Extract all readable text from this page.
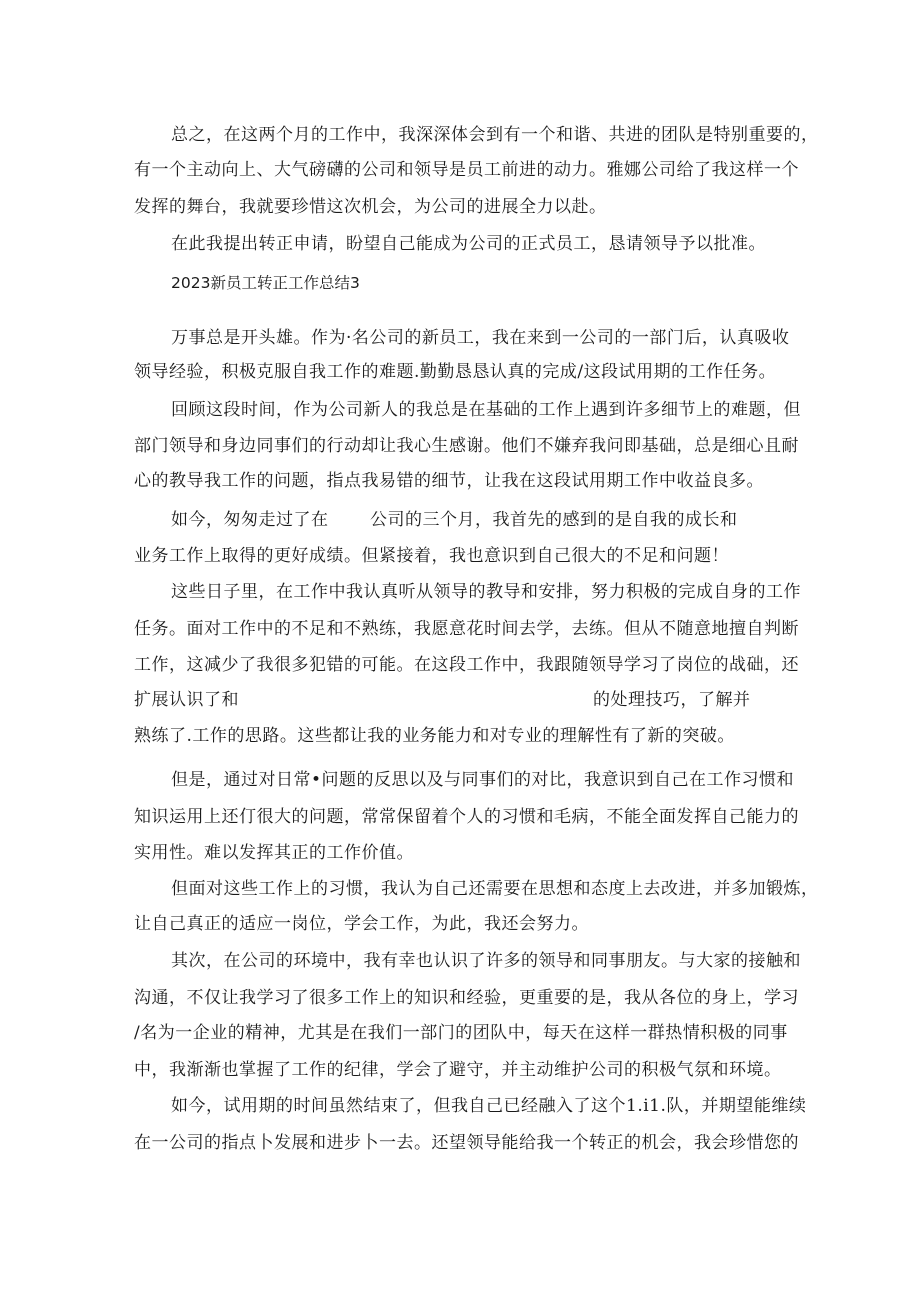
总之，在这两个月的工作中，我深深体会到有一个和谐、共进的团队是特别重要的，
有一个主动向上、大气磅礴的公司和领导是员工前进的动力。雅娜公司给了我这样一个
发挥的舞台，我就要珍惜这次机会，为公司的进展全力以赴。
在此我提出转正申请，盼望自己能成为公司的正式员工，恳请领导予以批准。
2023新员工转正工作总结3
万事总是开头雄。作为·名公司的新员工，我在来到一公司的一部门后，认真吸收
领导经验，积极克服自我工作的难题.勤勤恳恳认真的完成/这段试用期的工作任务。
回顾这段时间，作为公司新人的我总是在基础的工作上遇到许多细节上的难题，但
部门领导和身边同事们的行动却让我心生感谢。他们不嫌弃我问即基础，总是细心且耐
心的教导我工作的问题，指点我易错的细节，让我在这段试用期工作中收益良多。
如今，匆匆走过了在 公司的三个月，我首先的感到的是自我的成长和
业务工作上取得的更好成绩。但紧接着，我也意识到自己很大的不足和问题！
这些日子里，在工作中我认真听从领导的教导和安排，努力积极的完成自身的工作
任务。面对工作中的不足和不熟练，我愿意花时间去学，去练。但从不随意地擅自判断
工作，这减少了我很多犯错的可能。在这段工作中，我跟随领导学习了岗位的战础，还
扩展认识了和	的处理技巧，了解并
熟练了.工作的思路。这些都让我的业务能力和对专业的理解性有了新的突破。
但是，通过对日常•问题的反思以及与同事们的对比，我意识到自己在工作习惯和
知识运用上还仃很大的问题，常常保留着个人的习惯和毛病，不能全面发挥自己能力的
实用性。难以发挥其正的工作价值。
但面对这些工作上的习惯，我认为自己还需要在思想和态度上去改进，并多加锻炼，
让自己真正的适应一岗位，学会工作，为此，我还会努力。
其次，在公司的环境中，我有幸也认识了许多的领导和同事朋友。与大家的接触和
沟通，不仅让我学习了很多工作上的知识和经验，更重要的是，我从各位的身上，学习
/名为一企业的精神，尤其是在我们一部门的团队中，每天在这样一群热情积极的同事
中，我渐渐也掌握了工作的纪律，学会了避守，并主动维护公司的积极气氛和环境。
如今，试用期的时间虽然结束了，但我自己已经融入了这个1.i1.队，并期望能维续
在一公司的指点卜发展和进步卜一去。还望领导能给我一个转正的机会，我会珍惜您的
